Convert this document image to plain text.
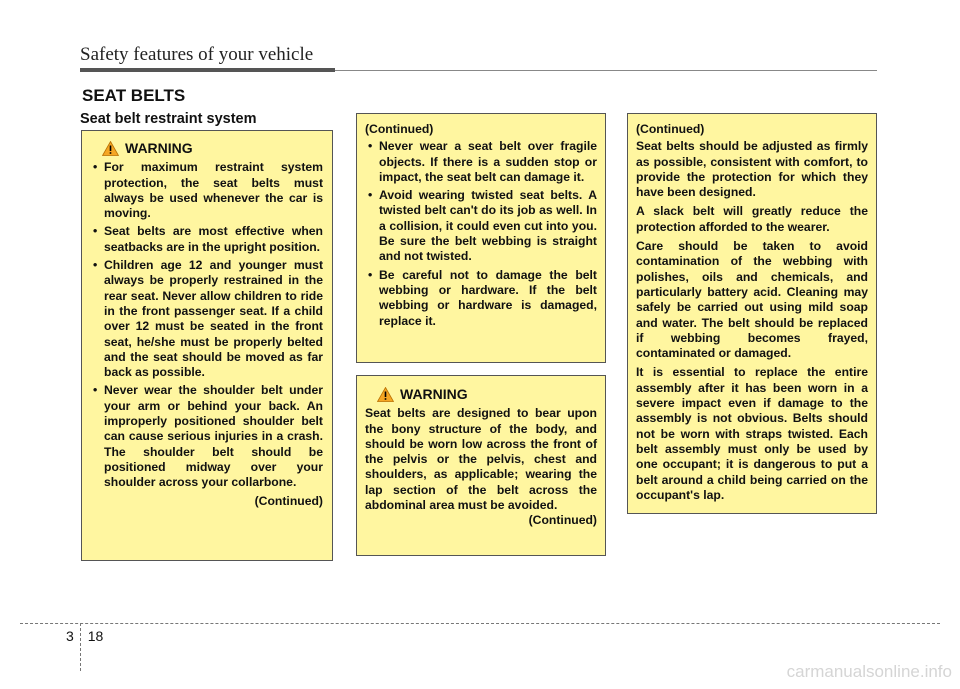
Safety features of your vehicle
SEAT BELTS
Seat belt restraint system
WARNING
• For maximum restraint system protection, the seat belts must always be used whenever the car is moving.
• Seat belts are most effective when seatbacks are in the upright position.
• Children age 12 and younger must always be properly restrained in the rear seat. Never allow children to ride in the front passenger seat. If a child over 12 must be seated in the front seat, he/she must be properly belted and the seat should be moved as far back as possible.
• Never wear the shoulder belt under your arm or behind your back. An improperly positioned shoulder belt can cause serious injuries in a crash. The shoulder belt should be positioned midway over your shoulder across your collarbone.

(Continued)

(Continued)

• Never wear a seat belt over fragile objects. If there is a sudden stop or impact, the seat belt can damage it.
• Avoid wearing twisted seat belts. A twisted belt can't do its job as well. In a collision, it could even cut into you. Be sure the belt webbing is straight and not twisted.
• Be careful not to damage the belt webbing or hardware. If the belt webbing or hardware is damaged, replace it.
WARNING

Seat belts are designed to bear upon the bony structure of the body, and should be worn low across the front of the pelvis or the pelvis, chest and shoulders, as applicable; wearing the lap section of the belt across the abdominal area must be avoided.

(Continued)

(Continued)

Seat belts should be adjusted as firmly as possible, consistent with comfort, to provide the protection for which they have been designed.

A slack belt will greatly reduce the protection afforded to the wearer.

Care should be taken to avoid contamination of the webbing with polishes, oils and chemicals, and particularly battery acid. Cleaning may safely be carried out using mild soap and water. The belt should be replaced if webbing becomes frayed, contaminated or damaged.

It is essential to replace the entire assembly after it has been worn in a severe impact even if damage to the assembly is not obvious. Belts should not be worn with straps twisted. Each belt assembly must only be used by one occupant; it is dangerous to put a belt around a child being carried on the occupant's lap.

3 18
carmanualsonline.info
